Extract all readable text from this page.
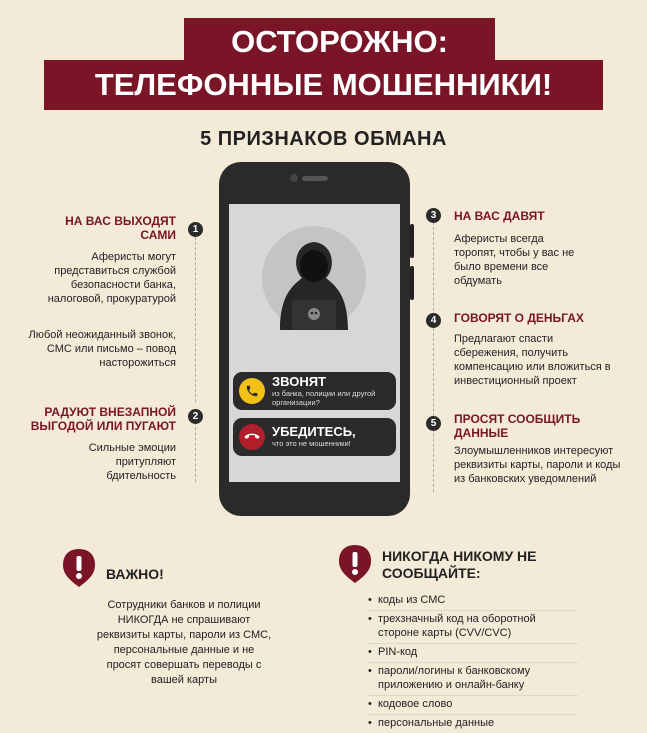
ОСТОРОЖНО:
ТЕЛЕФОННЫЕ МОШЕННИКИ!
5 ПРИЗНАКОВ ОБМАНА
ЗВОНЯТ
из банка, полиции или другой организации?
УБЕДИТЕСЬ,
что это не мошенники!
1
НА ВАС ВЫХОДЯТ САМИ
Аферисты могут представиться службой безопасности банка, налоговой, прокуратурой
Любой неожиданный звонок, СМС или письмо – повод насторожиться
2
РАДУЮТ ВНЕЗАПНОЙ ВЫГОДОЙ ИЛИ ПУГАЮТ
Сильные эмоции притупляют бдительность
3	НА ВАС ДАВЯТ
Аферисты всегда торопят, чтобы у вас не было времени все обдумать
4	ГОВОРЯТ О ДЕНЬГАХ
Предлагают спасти сбережения, получить компенсацию или вложиться в инвестиционный проект
5	ПРОСЯТ СООБЩИТЬ ДАННЫЕ
Злоумышленников интересуют реквизиты карты, пароли и коды из банковских уведомлений
ВАЖНО!
Сотрудники банков и полиции НИКОГДА не спрашивают реквизиты карты, пароли из СМС, персональные данные и не просят совершать переводы с вашей карты
НИКОГДА НИКОМУ НЕ СООБЩАЙТЕ:
• коды из СМС
• трехзначный код на оборотной стороне карты (CVV/CVC)
• PIN-код
• пароли/логины к банковскому приложению и онлайн-банку
• кодовое слово
• персональные данные
